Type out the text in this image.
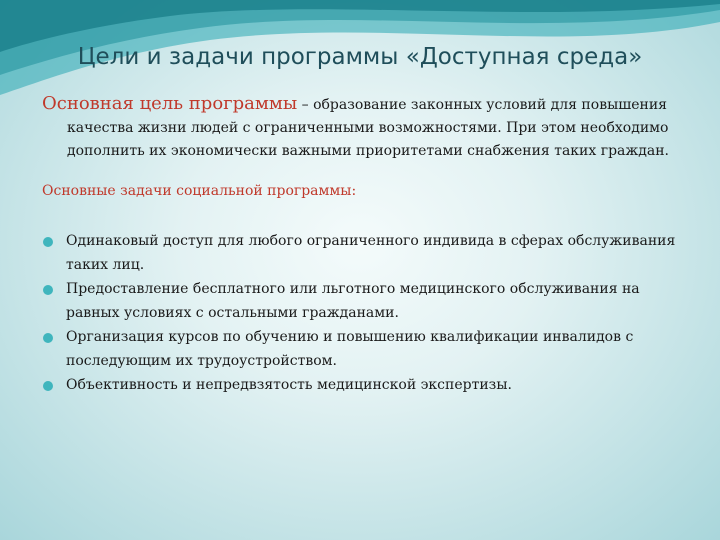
Цели и задачи программы «Доступная среда»

Основная цель программы – образование законных условий для повышения качества жизни людей с ограниченными возможностями. При этом необходимо дополнить их экономически важными приоритетами снабжения таких граждан.

Основные задачи социальной программы:
Одинаковый доступ для любого ограниченного индивида в сферах обслуживания таких лиц.
Предоставление бесплатного или льготного медицинского обслуживания на равных условиях с остальными гражданами.
Организация курсов по обучению и повышению квалификации инвалидов с последующим их трудоустройством.
Объективность и непредвзятость медицинской экспертизы.
